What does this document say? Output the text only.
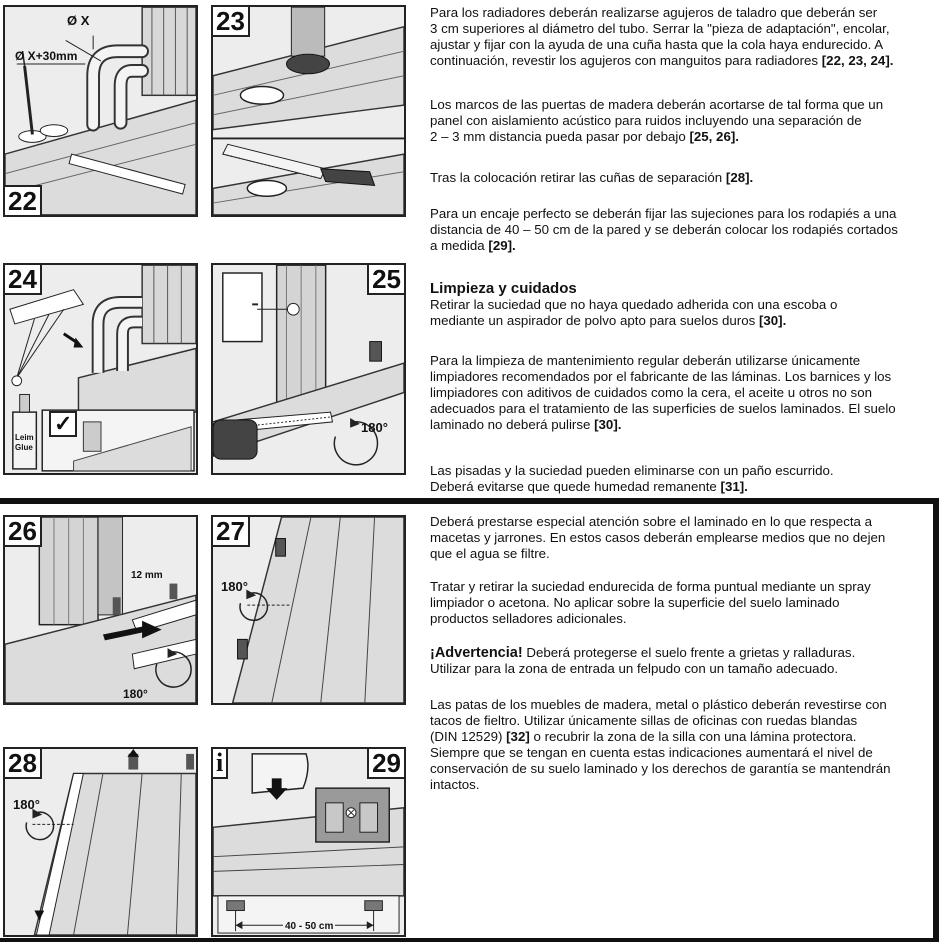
Ø X
Ø X+30mm
22
23
Leim Glue
✓
24
180°
25
12 mm
180°
26
180°
27
180°
28
40 - 50 cm
i	29

Para los radiadores deberán realizarse agujeros de taladro que deberán ser
3 cm superiores al diámetro del tubo. Serrar la "pieza de adaptación", encolar,
ajustar y fijar con la ayuda de una cuña hasta que la cola haya endurecido. A
continuación, revestir los agujeros con manguitos para radiadores [22, 23, 24].

Los marcos de las puertas de madera deberán acortarse de tal forma que un
panel con aislamiento acústico para ruidos incluyendo una separación de
2 – 3 mm distancia pueda pasar por debajo [25, 26].

Tras la colocación retirar las cuñas de separación [28].

Para un encaje perfecto se deberán fijar las sujeciones para los rodapiés a una
distancia de 40 – 50 cm de la pared y se deberán colocar los rodapiés cortados
a medida [29].

Limpieza y cuidados

Retirar la suciedad que no haya quedado adherida con una escoba o
mediante un aspirador de polvo apto para suelos duros [30].

Para la limpieza de mantenimiento regular deberán utilizarse únicamente
limpiadores recomendados por el fabricante de las láminas. Los barnices y los
limpiadores con aditivos de cuidados como la cera, el aceite u otros no son
adecuados para el tratamiento de las superficies de suelos laminados. El suelo
laminado no deberá pulirse [30].

Las pisadas y la suciedad pueden eliminarse con un paño escurrido.
Deberá evitarse que quede humedad remanente [31].

Deberá prestarse especial atención sobre el laminado en lo que respecta a
macetas y jarrones. En estos casos deberán emplearse medios que no dejen
que el agua se filtre.

Tratar y retirar la suciedad endurecida de forma puntual mediante un spray
limpiador o acetona. No aplicar sobre la superficie del suelo laminado
productos selladores adicionales.

¡Advertencia! Deberá protegerse el suelo frente a grietas y ralladuras.
Utilizar para la zona de entrada un felpudo con un tamaño adecuado.

Las patas de los muebles de madera, metal o plástico deberán revestirse con
tacos de fieltro. Utilizar únicamente sillas de oficinas con ruedas blandas
(DIN 12529) [32] o recubrir la zona de la silla con una lámina protectora.
Siempre que se tengan en cuenta estas indicaciones aumentará el nivel de
conservación de su suelo laminado y los derechos de garantía se mantendrán
intactos.
